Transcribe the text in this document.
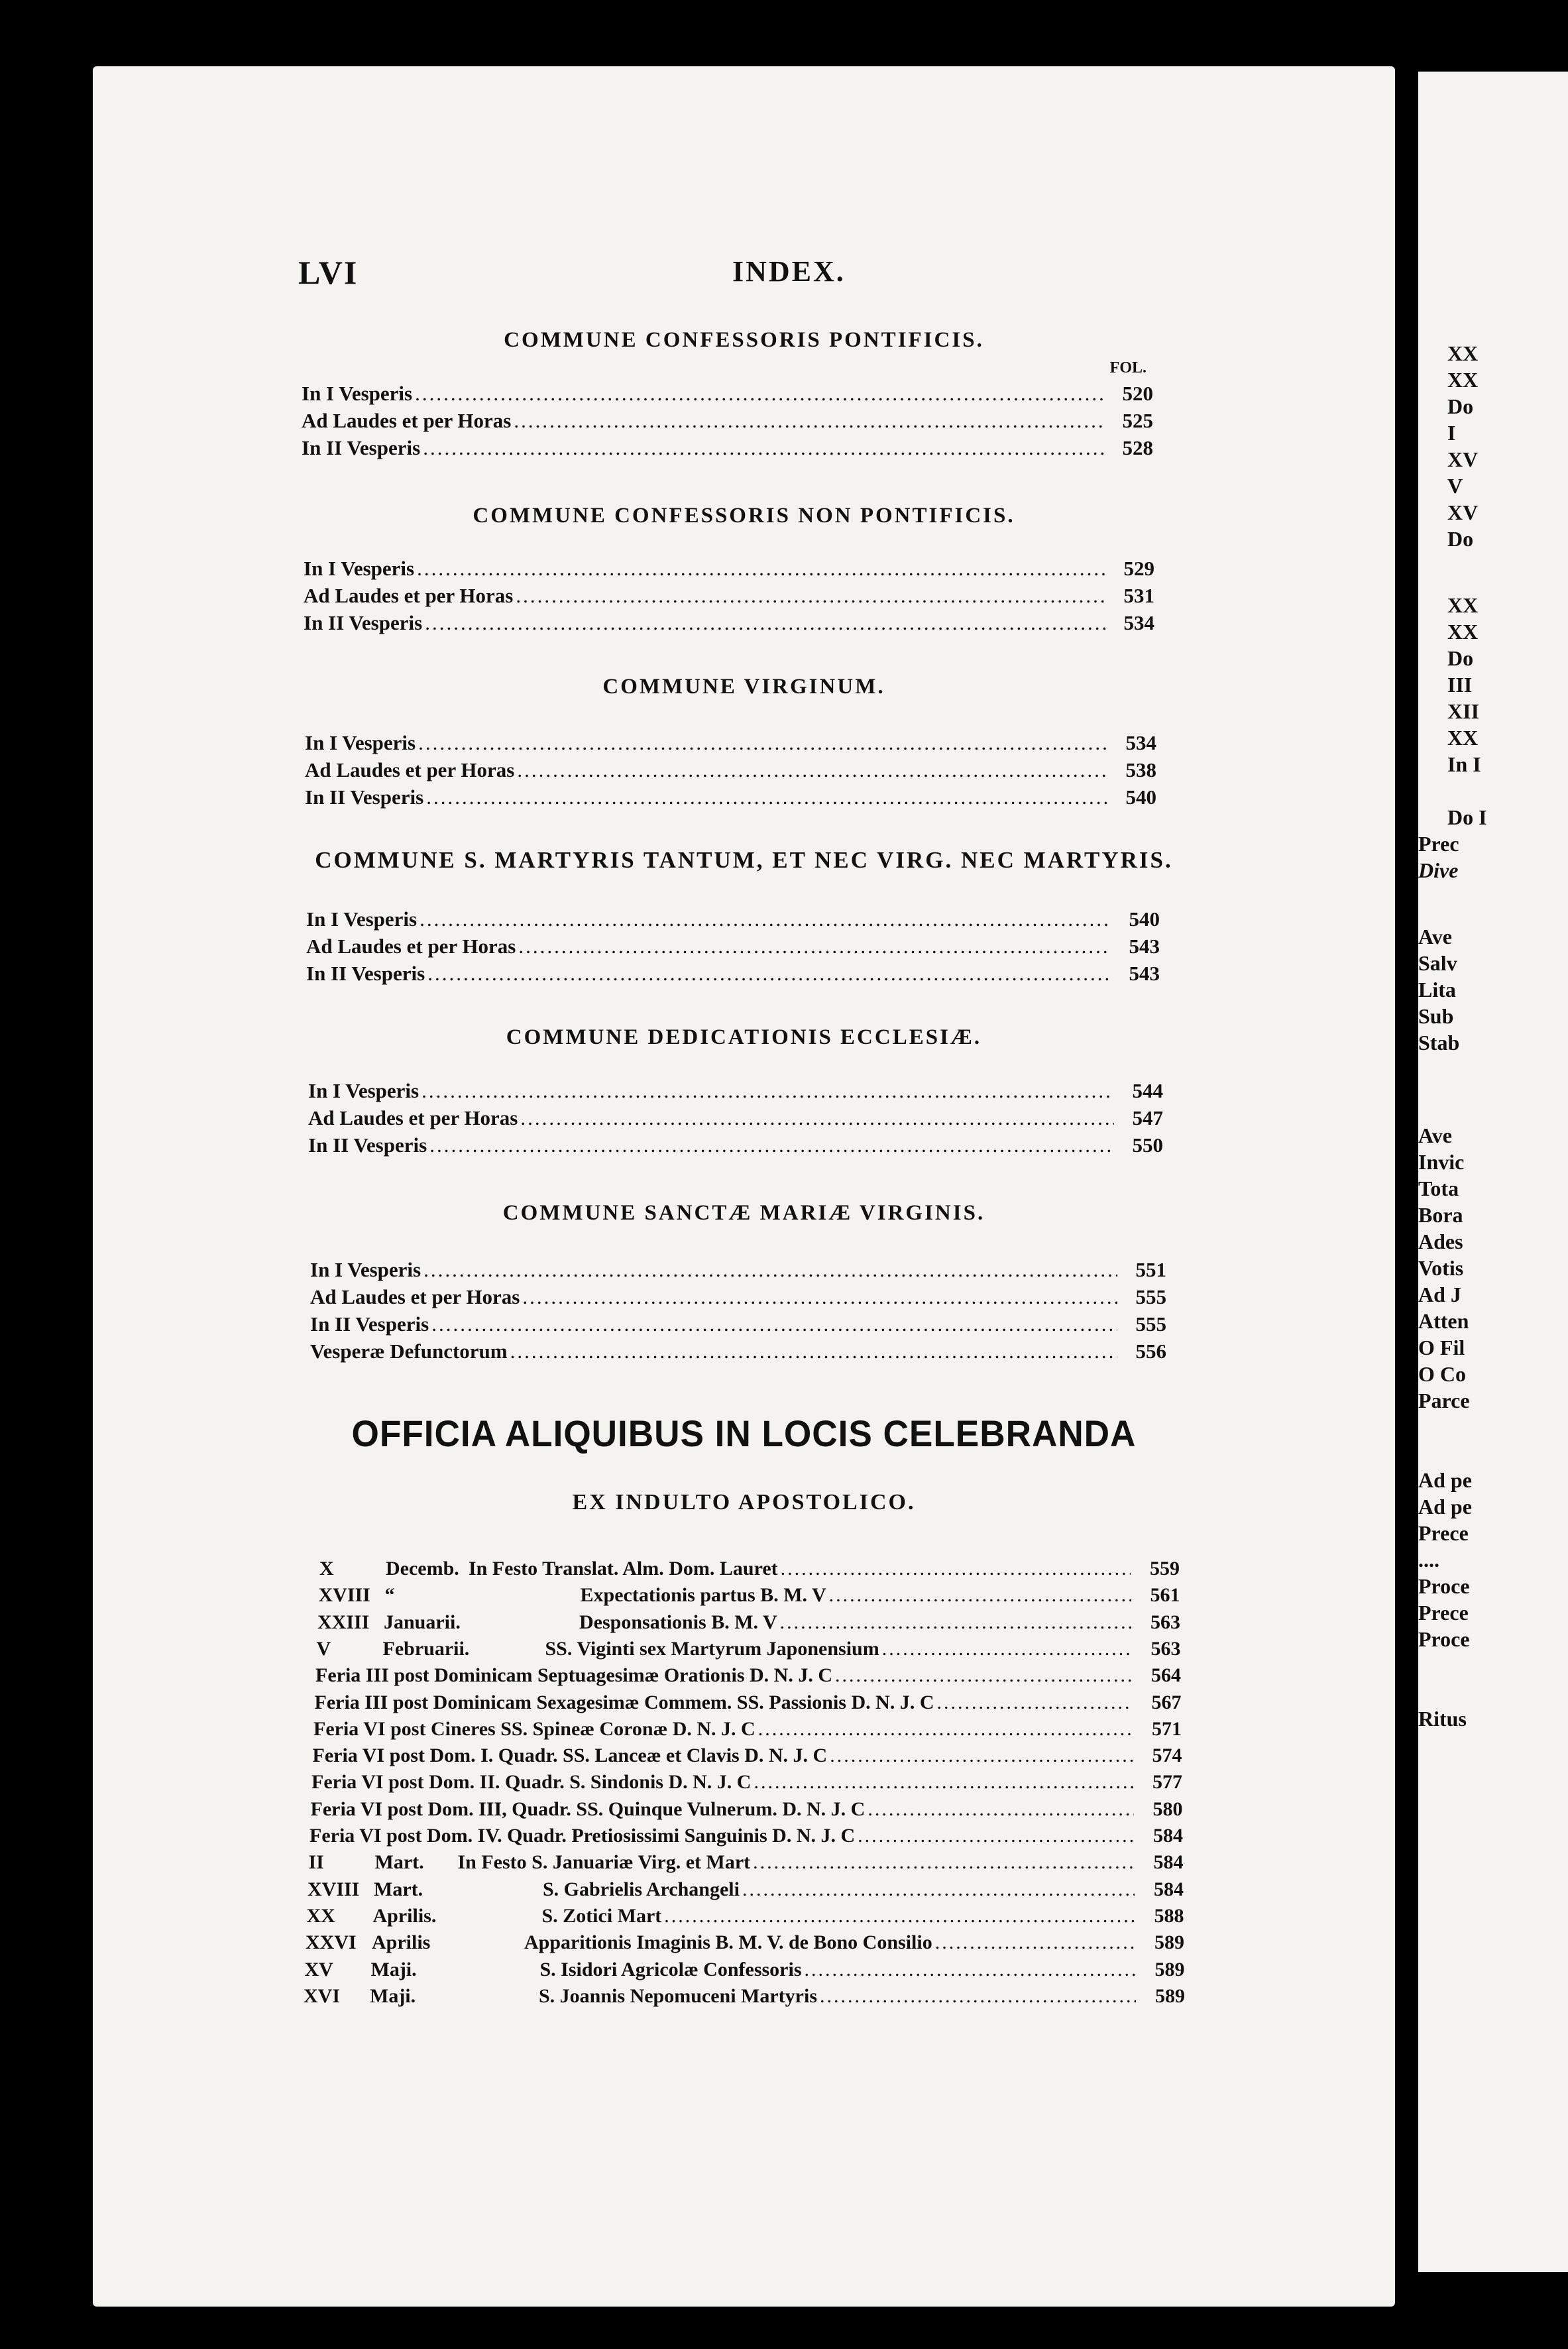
LVI	INDEX.
COMMUNE CONFESSORIS PONTIFICIS.
FOL.
In I Vesperis .....	520
Ad Laudes et per Horas .....	525
In II Vesperis .....	528
COMMUNE CONFESSORIS NON PONTIFICIS.
In I Vesperis .....	529
Ad Laudes et per Horas .....	531
In II Vesperis .....	534
COMMUNE VIRGINUM.
In I Vesperis .....	534
Ad Laudes et per Horas .....	538
In II Vesperis .....	540
COMMUNE S. MARTYRIS TANTUM, ET NEC VIRG. NEC MARTYRIS.
In I Vesperis .....	540
Ad Laudes et per Horas .....	543
In II Vesperis .....	543
COMMUNE DEDICATIONIS ECCLESIÆ.
In I Vesperis .....	544
Ad Laudes et per Horas .....	547
In II Vesperis .....	550
COMMUNE SANCTÆ MARIÆ VIRGINIS.
In I Vesperis .....	551
Ad Laudes et per Horas .....	555
In II Vesperis .....	555
Vesperæ Defunctorum .....	556
OFFICIA ALIQUIBUS IN LOCIS CELEBRANDA
EX INDULTO APOSTOLICO.
X	Decemb. In Festo Translat. Alm. Dom. Lauret .....	559
XVIII “	Expectationis partus B. M. V .....	561
XXIII Januarii.	Desponsationis B. M. V .....	563
V	Februarii.	SS. Viginti sex Martyrum Japonensium .....	563
Feria III post Dominicam Septuagesimæ Orationis D. N. J. C .....	564
Feria III post Dominicam Sexagesimæ Commem. SS. Passionis D. N. J. C .....	567
Feria VI post Cineres SS. Spineæ Coronæ D. N. J. C .....	571
Feria VI post Dom. I. Quadr. SS. Lanceæ et Clavis D. N. J. C .....	574
Feria VI post Dom. II. Quadr. S. Sindonis D. N. J. C .....	577
Feria VI post Dom. III, Quadr. SS. Quinque Vulnerum. D. N. J. C .....	580
Feria VI post Dom. IV. Quadr. Pretiosissimi Sanguinis D. N. J. C .....	584
II	Mart.	In Festo S. Januariæ Virg. et Mart .....	584
XVIII Mart.	S. Gabrielis Archangeli .....	584
XX	Aprilis.	S. Zotici Mart .....	588
XXVI Aprilis	Apparitionis Imaginis B. M. V. de Bono Consilio .....	589
XV	Maji.	S. Isidori Agricolæ Confessoris .....	589
XVI	Maji.	S. Joannis Nepomuceni Martyris .....	589
XX
XX
Do
I
XV
V
XV
Do
XX
XX
Do
III
XII
XX
In I
Do I
Prec
Dive
Ave
Salv
Lita
Sub
Stab
Ave
Invic
Tota
Bora
Ades
Votis
Ad J
Atten
O Fil
O Co
Parce
Ad pe
Ad pe
Prece
....
Proce
Prece
Proce
Ritus
